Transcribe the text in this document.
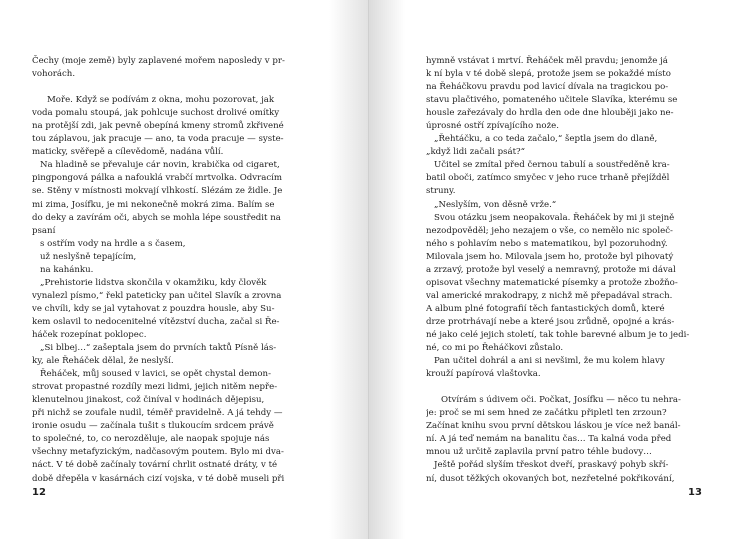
Čechy (moje země) byly zaplavené mořem naposledy v pr-
vohorách.
Moře. Když se podívám z okna, mohu pozorovat, jak
voda pomalu stoupá, jak pohlcuje suchost drolivé omítky
na protější zdi, jak pevně obepíná kmeny stromů zkřivené
tou záplavou, jak pracuje — ano, ta voda pracuje — syste-
maticky, svěřepě a cílevědomě, nadána vůlí.
Na hladině se převaluje cár novin, krabička od cigaret,
pingpongová pálka a nafouklá vrabčí mrtvolka. Odvracím
se. Stěny v místnosti mokvají vlhkostí. Slézám ze židle. Je
mi zima, Josífku, je mi nekonečně mokrá zima. Balím se
do deky a zavírám oči, abych se mohla lépe soustředit na
psaní
s ostřím vody na hrdle a s časem,
už neslyšně tepajícím,
na kahánku.
„Prehistorie lidstva skončila v okamžiku, kdy člověk
vynalezl písmo,“ řekl pateticky pan učitel Slavík a zrovna
ve chvíli, kdy se jal vytahovat z pouzdra housle, aby Su-
kem oslavil to nedocenitelné vítězství ducha, začal si Ře-
háček rozepínat poklopec.
„Si blbej…“ zašeptala jsem do prvních taktů Písně lás-
ky, ale Řeháček dělal, že neslyší.
Řeháček, můj soused v lavici, se opět chystal demon-
strovat propastné rozdíly mezi lidmi, jejich nitěm nepře-
klenutelnou jinakost, což činíval v hodinách dějepisu,
při nichž se zoufale nudil, téměř pravidelně. A já tehdy —
ironie osudu — začínala tušit s tlukoucím srdcem právě
to společné, to, co nerozděluje, ale naopak spojuje nás
všechny metafyzickým, nadčasovým poutem. Bylo mi dva-
náct. V té době začínaly tovární chrlit ostnaté dráty, v té
době dřepěla v kasárnách cizí vojska, v té době museli při
12
hymně vstávat i mrtví. Řeháček měl pravdu; jenomže já
k ní byla v té době slepá, protože jsem se pokaždé místo
na Řeháčkovu pravdu pod lavicí dívala na tragickou po-
stavu plačtivého, pomateného učitele Slavíka, kterému se
housle zařezávaly do hrdla den ode dne hlouběji jako ne-
úprosné ostří zpívajícího noże.
„Řehtáčku, a co teda začalo,“ šeptla jsem do dlaně,
„když lidi začali psát?“
Učitel se zmítal před černou tabulí a soustředěně kra-
batil oboči, zatímco smyčec v jeho ruce trhaně přejížděl
struny.
„Neslyším, von děsně vrže.“
Svou otázku jsem neopakovala. Řeháček by mi ji stejně
nezodpověděl; jeho nezajem o vše, co nemělo nic společ-
ného s pohlavím nebo s matematikou, byl pozoruhodný.
Milovala jsem ho. Milovala jsem ho, protože byl pihovatý
a zrzavý, protože byl veselý a nemravný, protože mi dával
opisovat všechny matematické písemky a protože zbožňo-
val americké mrakodrapy, z nichž mě přepadával strach.
A album plné fotografií těch fantastických domů, které
drze protrhávají nebe a které jsou zrůdně, opojné a krás-
né jako celé jejich století, tak tohle barevné album je to jedi-
né, co mi po Řeháčkovi zůstalo.
Pan učitel dohrál a ani si nevšiml, že mu kolem hlavy
krouží papírová vlaštovka.
Otvírám s údivem oči. Počkat, Josífku — něco tu nehra-
je: proč se mi sem hned ze začátku připletl ten zrzoun?
Začínat knihu svou první dětskou láskou je více než banál-
ní. A já teď nemám na banalitu čas… Ta kalná voda před
mnou už určitě zaplavila první patro téhle budovy…
Ještě pořád slyším třeskot dveří, praskavý pohyb skří-
ní, dusot těžkých okovaných bot, nezřetelné pokřikování,
13
